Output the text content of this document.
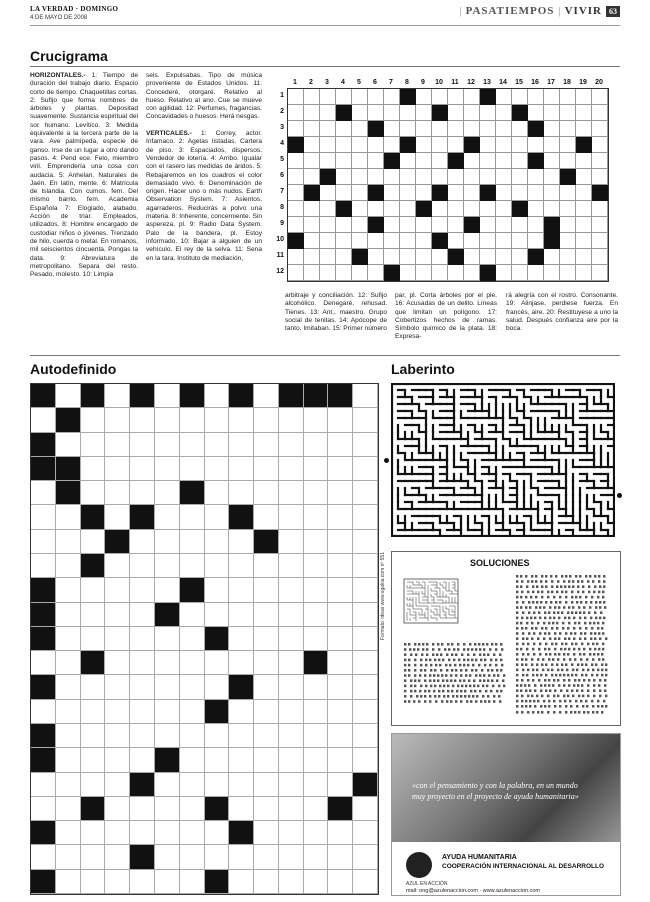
LA VERDAD · DOMINGO
4 DE MAYO DE 2008
| PASATIEMPOS | VIVIR 63
Crucigrama
HORIZONTALES.- 1: Tiempo de duración del trabajo diario. Espacio corto de tiempo. Chaquetillas cortas. 2: Sufijo que forma nombres de árboles y plantas. Depositad suavemente. Sustancia espiritual del sor humano. Levítico. 3: Medida equivalente a la tercera parte de la vara. Ave palmípeda, especie de ganso. Irse de un lugar a otro dando pasos. 4: Pend ece. Felo, miembro viril. Emprendería una cosa con audacia. 5: Anhelan. Naturales de Jaén. En latín, mente. 6: Matrícula de Islandia. Con cumos. fem. Del mismo barrio. fem. Academia Española 7: Elogiado, alabado. Acción de triar. Empleados, utilizados. 8: Hombre encargado de custodiar niños o jóvenes. Trenzado de hilo, cuerda o metal. En romanos, mil seiscientos cincuenta. Pongas la data. 9: Abreviatura de metropolitano. Separa del resto. Pesado, molesto. 10: Limpia
seis. Expulsabas. Tipo de música proveniente de Estados Unidos. 11: Concederé, otorgaré. Relativo al hueso. Relativo al ano. Cue se mueve con agilidad. 12: Perfumes, fragancias. Concavidades o huesos. Herá nesgas.

VERTICALES.- 1: Correy, actor. Infamaco. 2: Agetas listadas. Cartera de piso. 3: Espaciados, dispersos. Vendedor de lotería. 4: Arribo. Igualar con el rasero las medidas de áridos. 5: Rebajaremos en los cuadros el color demasiado vivo. 6: Denominación de origen. Hacer uno o más nudos. Earth Observation System. 7: Asientos, agarraderos. Reducirás a polvo una materia. 8: Inherente, concerniente. Sin aspereza, pl. 9: Radio Data System. Palo de la bandera, pl. Estoy informado. 10: Bajar a alguien de un vehículo. El rey de la selva. 11: Sena en la tara. Instituto de mediación,
arbitraje y conciliación. 12: Sufijo alcohólico. Denegaré, rehusad. Tienes. 13: Ant., maestro. Grupo social de tenitas. 14: Apócope de tanto. Imitaban. 15: Primer número
par, pl. Corta árboles por el pie. 16: Acusadas de un delito. Líneas que limitan un polígono. 17: Cobertizos hechos de ramas. Símbolo químico de la plata. 18: Expresa-
rá alegría con el rostro. Consonante. 19: Alinjase, perdiese fuerza. En francés, aire. 20: Restituyese a uno la salud. Después confianza aire por la boca.
Autodefinido	Laberinto
SOLUCIONES
Formato: ideas www.ogakia.com nº 551
«con el pensamiento y con la palabra, en un mundo muy proyecto en el proyecto de ayuda humanitaria»
AYUDA HUMANITARIA
COOPERACIÓN INTERNACIONAL AL DESARROLLO
AZUL EN ACCIÓN
mail: ong@azulenaccion.com · www.azulenaccion.com
1	2	3	4	5	6	7	8	9	10	11	12	13	14	15	16	17	18	19	20
1
2
3
4
5
6
7
8
9
10
11
12
